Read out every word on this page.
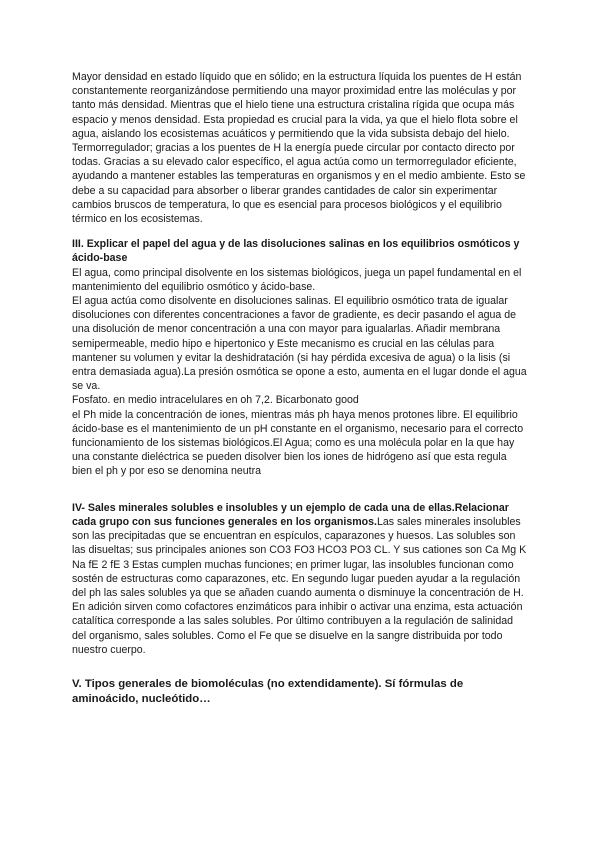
Mayor densidad en estado líquido que en sólido; en la estructura líquida los puentes de H están constantemente reorganizándose permitiendo una mayor proximidad entre las moléculas y por tanto más densidad. Mientras que el hielo tiene una estructura cristalina rígida que ocupa más espacio y menos densidad. Esta propiedad es crucial para la vida, ya que el hielo flota sobre el agua, aislando los ecosistemas acuáticos y permitiendo que la vida subsista debajo del hielo.

Termorregulador; gracias a los puentes de H la energía puede circular por contacto directo por todas. Gracias a su elevado calor específico, el agua actúa como un termorregulador eficiente, ayudando a mantener estables las temperaturas en organismos y en el medio ambiente. Esto se debe a su capacidad para absorber o liberar grandes cantidades de calor sin experimentar cambios bruscos de temperatura, lo que es esencial para procesos biológicos y el equilibrio térmico en los ecosistemas.

III. Explicar el papel del agua y de las disoluciones salinas en los equilibrios osmóticos y ácido-base

El agua, como principal disolvente en los sistemas biológicos, juega un papel fundamental en el mantenimiento del equilibrio osmótico y ácido-base.

El agua actúa como disolvente en disoluciones salinas. El equilibrio osmótico trata de igualar disoluciones con diferentes concentraciones a favor de gradiente, es decir pasando el agua de una disolución de menor concentración a una con mayor para igualarlas. Añadir membrana semipermeable, medio hipo e hipertonico y Este mecanismo es crucial en las células para mantener su volumen y evitar la deshidratación (si hay pérdida excesiva de agua) o la lisis (si entra demasiada agua).La presión osmótica se opone a esto, aumenta en el lugar donde el agua se va.

Fosfato. en medio intracelulares en oh 7,2. Bicarbonato good

el Ph mide la concentración de iones, mientras más ph haya menos protones libre. El equilibrio ácido-base es el mantenimiento de un pH constante en el organismo, necesario para el correcto funcionamiento de los sistemas biológicos.El Agua; como es una molécula polar en la que hay una constante dieléctrica se pueden disolver bien los iones de hidrógeno así que esta regula bien el ph y por eso se denomina neutra

IV- Sales minerales solubles e insolubles y un ejemplo de cada una de ellas.Relacionar cada grupo con sus funciones generales en los organismos.Las sales minerales insolubles son las precipitadas que se encuentran en espículos, caparazones y huesos. Las solubles son las disueltas; sus principales aniones son CO3 FO3 HCO3 PO3 CL. Y sus cationes son Ca Mg K Na fE 2 fE 3 Estas cumplen muchas funciones; en primer lugar, las insolubles funcionan como sostén de estructuras como caparazones, etc. En segundo lugar pueden ayudar a la regulación del ph las sales solubles ya que se añaden cuando aumenta o disminuye la concentración de H. En adición sirven como cofactores enzimáticos para inhibir o activar una enzima, esta actuación catalítica corresponde a las sales solubles. Por último contribuyen a la regulación de salinidad del organismo, sales solubles. Como el Fe que se disuelve en la sangre distribuida por todo nuestro cuerpo.

V. Tipos generales de biomoléculas (no extendidamente). Sí fórmulas de aminoácido, nucleótido…
